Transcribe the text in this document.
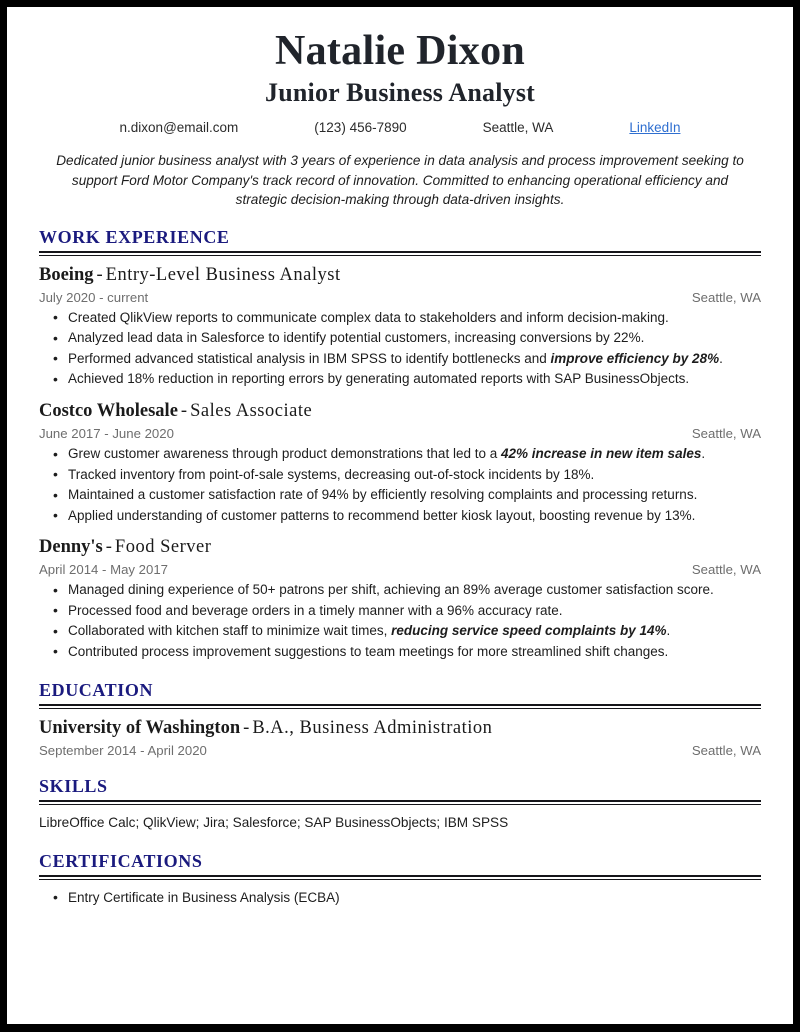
Natalie Dixon
Junior Business Analyst
n.dixon@email.com	(123) 456-7890	Seattle, WA	LinkedIn

Dedicated junior business analyst with 3 years of experience in data analysis and process improvement seeking to support Ford Motor Company's track record of innovation. Committed to enhancing operational efficiency and strategic decision-making through data-driven insights.

WORK EXPERIENCE
Boeing - Entry-Level Business Analyst
July 2020 - current	Seattle, WA
• Created QlikView reports to communicate complex data to stakeholders and inform decision-making.
• Analyzed lead data in Salesforce to identify potential customers, increasing conversions by 22%.
• Performed advanced statistical analysis in IBM SPSS to identify bottlenecks and improve efficiency by 28%.
• Achieved 18% reduction in reporting errors by generating automated reports with SAP BusinessObjects.
Costco Wholesale - Sales Associate
June 2017 - June 2020	Seattle, WA
• Grew customer awareness through product demonstrations that led to a 42% increase in new item sales.
• Tracked inventory from point-of-sale systems, decreasing out-of-stock incidents by 18%.
• Maintained a customer satisfaction rate of 94% by efficiently resolving complaints and processing returns.
• Applied understanding of customer patterns to recommend better kiosk layout, boosting revenue by 13%.
Denny's - Food Server
April 2014 - May 2017	Seattle, WA
• Managed dining experience of 50+ patrons per shift, achieving an 89% average customer satisfaction score.
• Processed food and beverage orders in a timely manner with a 96% accuracy rate.
• Collaborated with kitchen staff to minimize wait times, reducing service speed complaints by 14%.
• Contributed process improvement suggestions to team meetings for more streamlined shift changes.
EDUCATION
University of Washington - B.A., Business Administration
September 2014 - April 2020	Seattle, WA
SKILLS
LibreOffice Calc; QlikView; Jira; Salesforce; SAP BusinessObjects; IBM SPSS
CERTIFICATIONS
• Entry Certificate in Business Analysis (ECBA)
